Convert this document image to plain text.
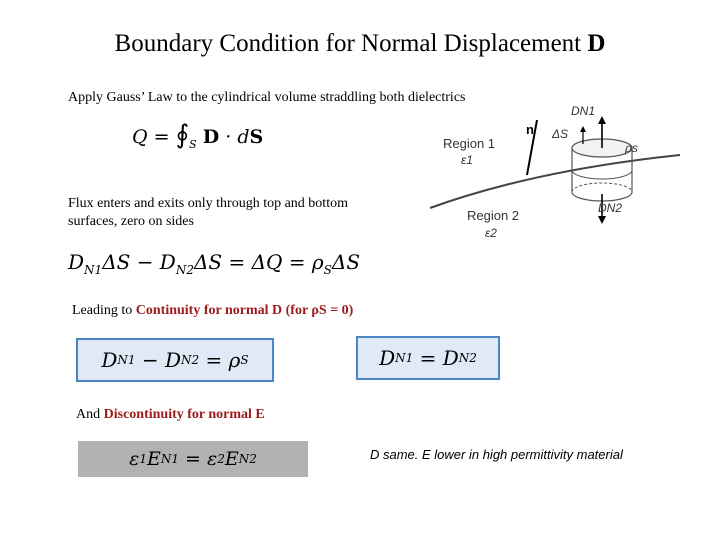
Boundary Condition for Normal Displacement D
Apply Gauss’ Law to the cylindrical volume straddling both dielectrics
$Q = ∮_S$ D · dS	Region 1
ε1
Region 2
ε2
n
DN1
ΔS
ρs
DN2
Flux enters and exits only through top and bottom surfaces, zero on sides
$D_{N1}\Delta S - D_{N2}\Delta S = \Delta Q = \rho_S\Delta S$
Leading to Continuity for normal D (for ρS = 0)
D N1 − D N2 = ρ S	D N1 = D N2
And Discontinuity for normal E
ε 1 E N1 = ε 2 E N2	D same. E lower in high permittivity material
